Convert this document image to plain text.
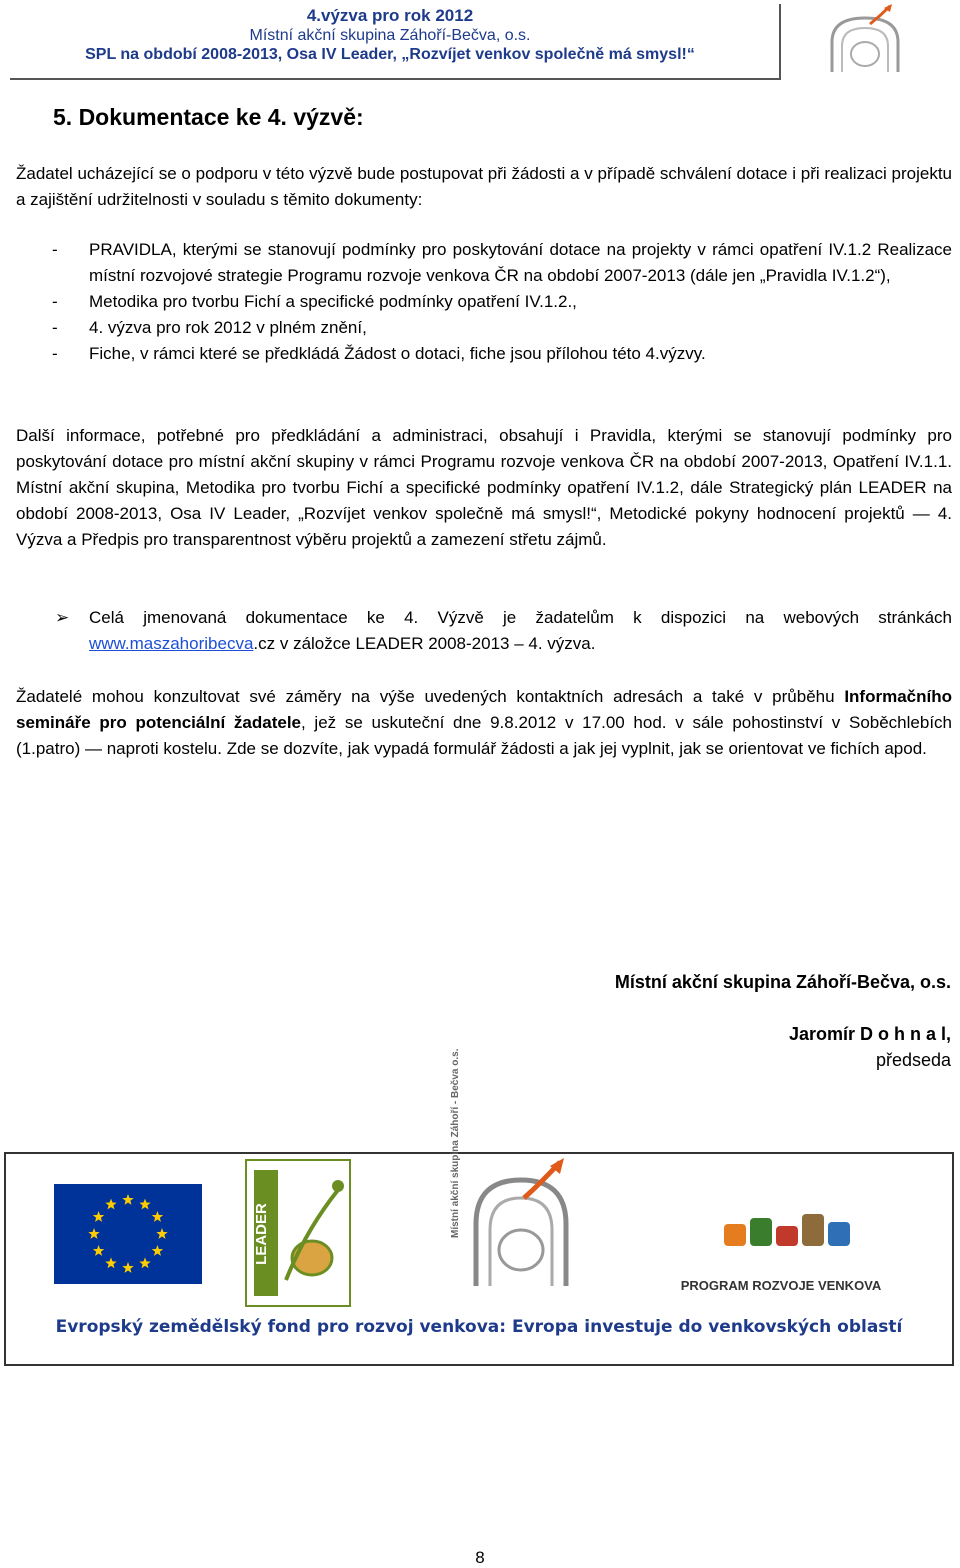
4.výzva pro rok 2012
Místní akční skupina Záhoří-Bečva, o.s.
SPL na období 2008-2013, Osa IV Leader, „Rozvíjet venkov společně má smysl!“
5. Dokumentace ke 4. výzvě:
Žadatel ucházející se o podporu v této výzvě bude postupovat při žádosti a v případě schválení dotace i při realizaci projektu a zajištění udržitelnosti v souladu s těmito dokumenty:
- PRAVIDLA, kterými se stanovují podmínky pro poskytování dotace na projekty v rámci opatření IV.1.2 Realizace místní rozvojové strategie Programu rozvoje venkova ČR na období 2007-2013 (dále jen „Pravidla IV.1.2“),
- Metodika pro tvorbu Fichí a specifické podmínky opatření IV.1.2.,
- 4. výzva pro rok 2012 v plném znění,
- Fiche, v rámci které se předkládá Žádost o dotaci, fiche jsou přílohou této 4.výzvy.
Další informace, potřebné pro předkládání a administraci, obsahují i Pravidla, kterými se stanovují podmínky pro poskytování dotace pro místní akční skupiny v rámci Programu rozvoje venkova ČR na období 2007-2013, Opatření IV.1.1. Místní akční skupina, Metodika pro tvorbu Fichí a specifické podmínky opatření IV.1.2, dále Strategický plán LEADER na období 2008-2013, Osa IV Leader, „Rozvíjet venkov společně má smysl!“, Metodické pokyny hodnocení projektů — 4. Výzva a Předpis pro transparentnost výběru projektů a zamezení střetu zájmů.
➢ Celá jmenovaná dokumentace ke 4. Výzvě je žadatelům k dispozici na webových stránkách www.maszahoribecva.cz v záložce LEADER 2008-2013 – 4. výzva.
Žadatelé mohou konzultovat své záměry na výše uvedených kontaktních adresách a také v průběhu Informačního semináře pro potenciální žadatele, jež se uskuteční dne 9.8.2012 v 17.00 hod. v sále pohostinství v Soběchlebích (1.patro) — naproti kostelu. Zde se dozvíte, jak vypadá formulář žádosti a jak jej vyplnit, jak se orientovat ve fichích apod.
Místní akční skupina Záhoří-Bečva, o.s.
Jaromír D o h n a l,
předseda
LEADER	Místní akční skupina Záhoří - Bečva o.s.
PROGRAM ROZVOJE VENKOVA
Evropský zemědělský fond pro rozvoj venkova: Evropa investuje do venkovských oblastí
8
